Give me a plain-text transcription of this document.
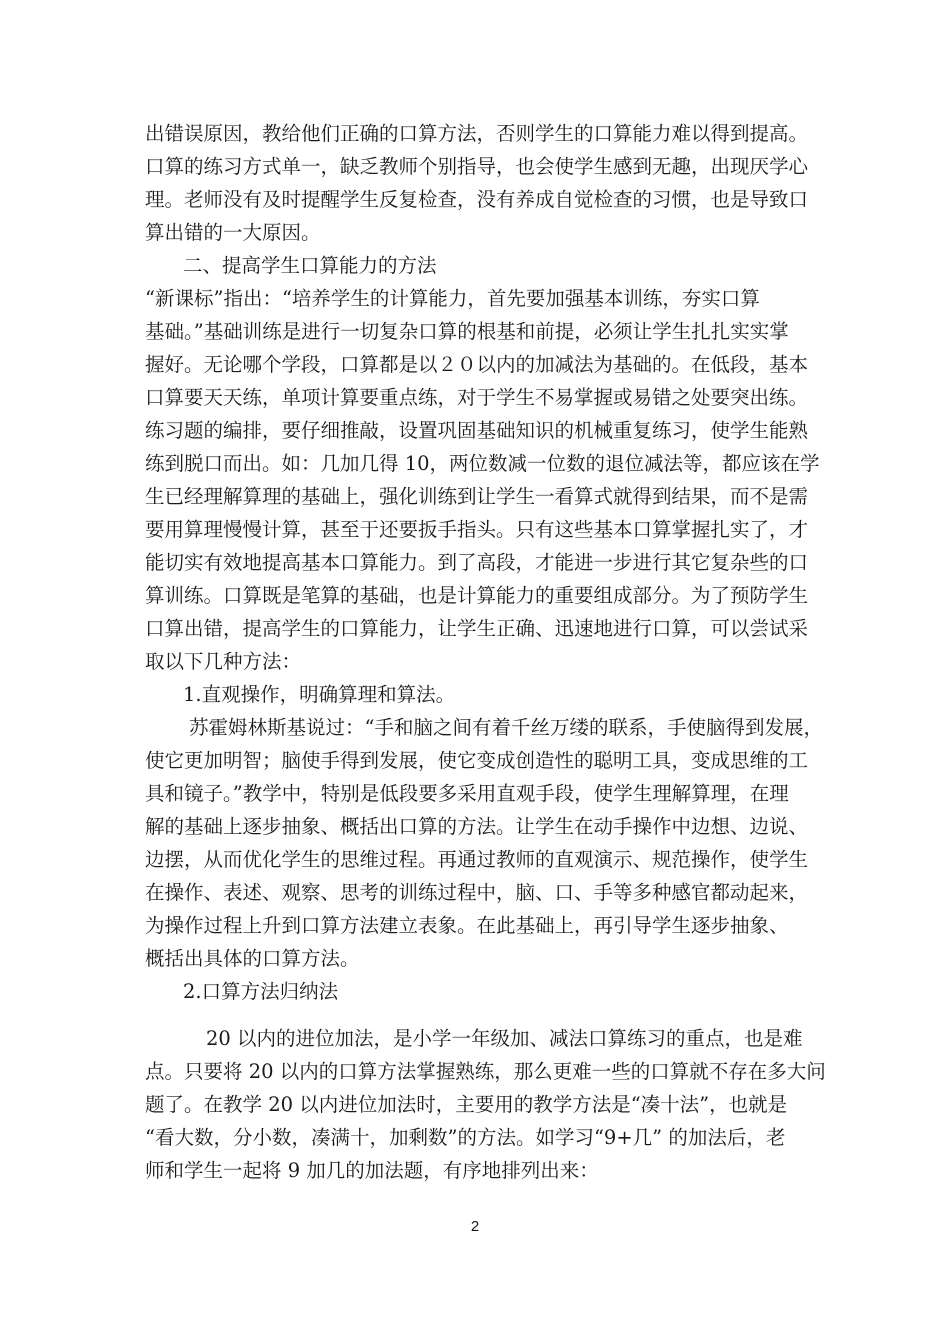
出错误原因，教给他们正确的口算方法，否则学生的口算能力难以得到提高。
口算的练习方式单一，缺乏教师个别指导，也会使学生感到无趣，出现厌学心
理。老师没有及时提醒学生反复检查，没有养成自觉检查的习惯，也是导致口
算出错的一大原因。
二、提高学生口算能力的方法
“新课标”指出：“培养学生的计算能力，首先要加强基本训练，夯实口算
基础。”基础训练是进行一切复杂口算的根基和前提，必须让学生扎扎实实掌
握好。无论哪个学段，口算都是以２０以内的加减法为基础的。在低段，基本
口算要天天练，单项计算要重点练，对于学生不易掌握或易错之处要突出练。
练习题的编排，要仔细推敲，设置巩固基础知识的机械重复练习，使学生能熟
练到脱口而出。如：几加几得 10，两位数减一位数的退位减法等，都应该在学
生已经理解算理的基础上，强化训练到让学生一看算式就得到结果，而不是需
要用算理慢慢计算，甚至于还要扳手指头。只有这些基本口算掌握扎实了，才
能切实有效地提高基本口算能力。到了高段，才能进一步进行其它复杂些的口
算训练。口算既是笔算的基础，也是计算能力的重要组成部分。为了预防学生
口算出错，提高学生的口算能力，让学生正确、迅速地进行口算，可以尝试采
取以下几种方法：
1.直观操作，明确算理和算法。
苏霍姆林斯基说过：“手和脑之间有着千丝万缕的联系，手使脑得到发展，
使它更加明智；脑使手得到发展，使它变成创造性的聪明工具，变成思维的工
具和镜子。”教学中，特别是低段要多采用直观手段，使学生理解算理，在理
解的基础上逐步抽象、概括出口算的方法。让学生在动手操作中边想、边说、
边摆，从而优化学生的思维过程。再通过教师的直观演示、规范操作，使学生
在操作、表述、观察、思考的训练过程中，脑、口、手等多种感官都动起来，
为操作过程上升到口算方法建立表象。在此基础上，再引导学生逐步抽象、
概括出具体的口算方法。
2.口算方法归纳法
20 以内的进位加法，是小学一年级加、减法口算练习的重点，也是难
点。只要将 20 以内的口算方法掌握熟练，那么更难一些的口算就不存在多大问
题了。在教学 20 以内进位加法时，主要用的教学方法是“凑十法”，也就是
“看大数，分小数，凑满十，加剩数”的方法。如学习“9+几” 的加法后，老
师和学生一起将 9 加几的加法题，有序地排列出来：
2
